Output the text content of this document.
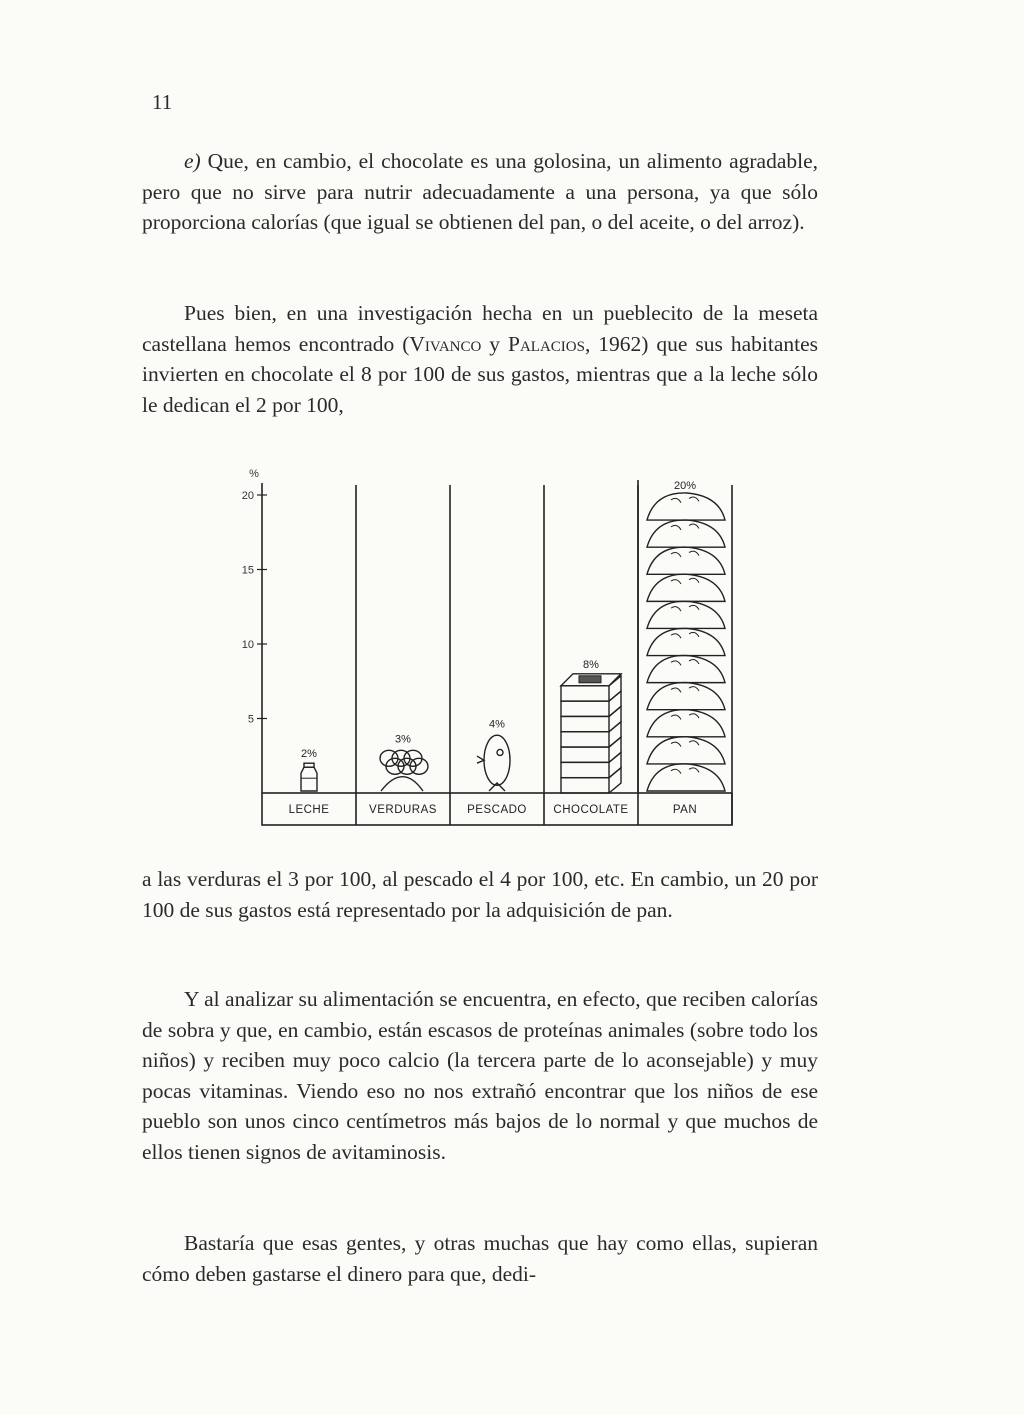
11

e) Que, en cambio, el chocolate es una golosina, un alimento agradable, pero que no sirve para nutrir adecuadamente a una persona, ya que sólo proporciona calorías (que igual se obtienen del pan, o del aceite, o del arroz).

Pues bien, en una investigación hecha en un pueblecito de la meseta castellana hemos encontrado (Vivanco y Palacios, 1962) que sus habitantes invierten en chocolate el 8 por 100 de sus gastos, mientras que a la leche sólo le dedican el 2 por 100,

%
5
10
15
20
LECHE
2%
VERDURAS
3%
PESCADO
4%
CHOCOLATE
8%
PAN
20%

a las verduras el 3 por 100, al pescado el 4 por 100, etc. En cambio, un 20 por 100 de sus gastos está representado por la adquisición de pan.

Y al analizar su alimentación se encuentra, en efecto, que reciben calorías de sobra y que, en cambio, están escasos de proteínas animales (sobre todo los niños) y reciben muy poco calcio (la tercera parte de lo aconsejable) y muy pocas vitaminas. Viendo eso no nos extrañó encontrar que los niños de ese pueblo son unos cinco centímetros más bajos de lo normal y que muchos de ellos tienen signos de avitaminosis.

Bastaría que esas gentes, y otras muchas que hay como ellas, supieran cómo deben gastarse el dinero para que, dedi-
